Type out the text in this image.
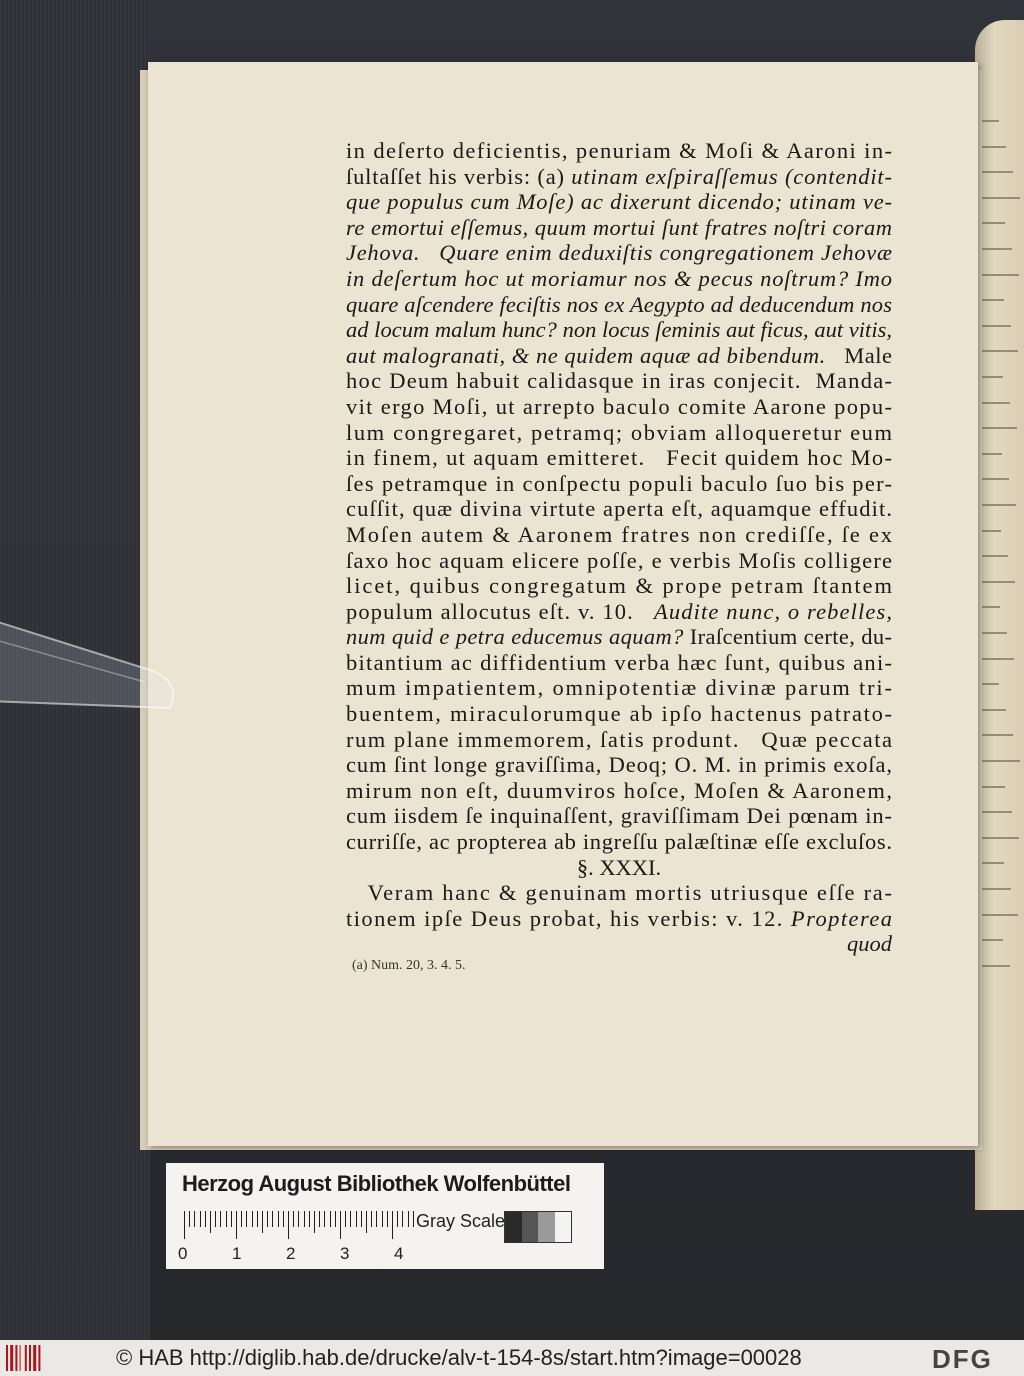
in deſerto deficientis, penuriam & Moſi & Aaroni in-
ſultaſſet his verbis: (a) utinam exſpiraſſemus (contendit-
que populus cum Moſe) ac dixerunt dicendo; utinam ve-
re emortui eſſemus, quum mortui ſunt fratres noſtri coram
Jehova.   Quare enim deduxiſtis congregationem Jehovæ
in deſertum hoc ut moriamur nos & pecus noſtrum? Imo
quare aſcendere feciſtis nos ex Aegypto ad deducendum nos
ad locum malum hunc? non locus ſeminis aut ficus, aut vitis,
aut malogranati, & ne quidem aquæ ad bibendum.   Male
hoc Deum habuit calidasque in iras conjecit.  Manda-
vit ergo Moſi, ut arrepto baculo comite Aarone popu-
lum congregaret, petramq; obviam alloqueretur eum
in finem, ut aquam emitteret.   Fecit quidem hoc Mo-
ſes petramque in conſpectu populi baculo ſuo bis per-
cuſſit, quæ divina virtute aperta eſt, aquamque effudit.
Moſen autem & Aaronem fratres non crediſſe, ſe ex
ſaxo hoc aquam elicere poſſe, e verbis Moſis colligere
licet, quibus congregatum & prope petram ſtantem
populum allocutus eſt. v. 10.   Audite nunc, o rebelles,
num quid e petra educemus aquam? Iraſcentium certe, du-
bitantium ac diffidentium verba hæc ſunt, quibus ani-
mum impatientem, omnipotentiæ divinæ parum tri-
buentem, miraculorumque ab ipſo hactenus patrato-
rum plane immemorem, ſatis produnt.   Quæ peccata
cum ſint longe graviſſima, Deoq; O. M. in primis exoſa,
mirum non eſt, duumviros hoſce, Moſen & Aaronem,
cum iisdem ſe inquinaſſent, graviſſimam Dei pœnam in-
curriſſe, ac propterea ab ingreſſu palæſtinæ eſſe excluſos.
§. XXXI.
Veram hanc & genuinam mortis utriusque eſſe ra-
tionem ipſe Deus probat, his verbis: v. 12. Propterea
quod
(a) Num. 20, 3. 4. 5.
Herzog August Bibliothek Wolfenbüttel
0	1	2	3	4
Gray Scale
© HAB http://diglib.hab.de/drucke/alv-t-154-8s/start.htm?image=00028	DFG
